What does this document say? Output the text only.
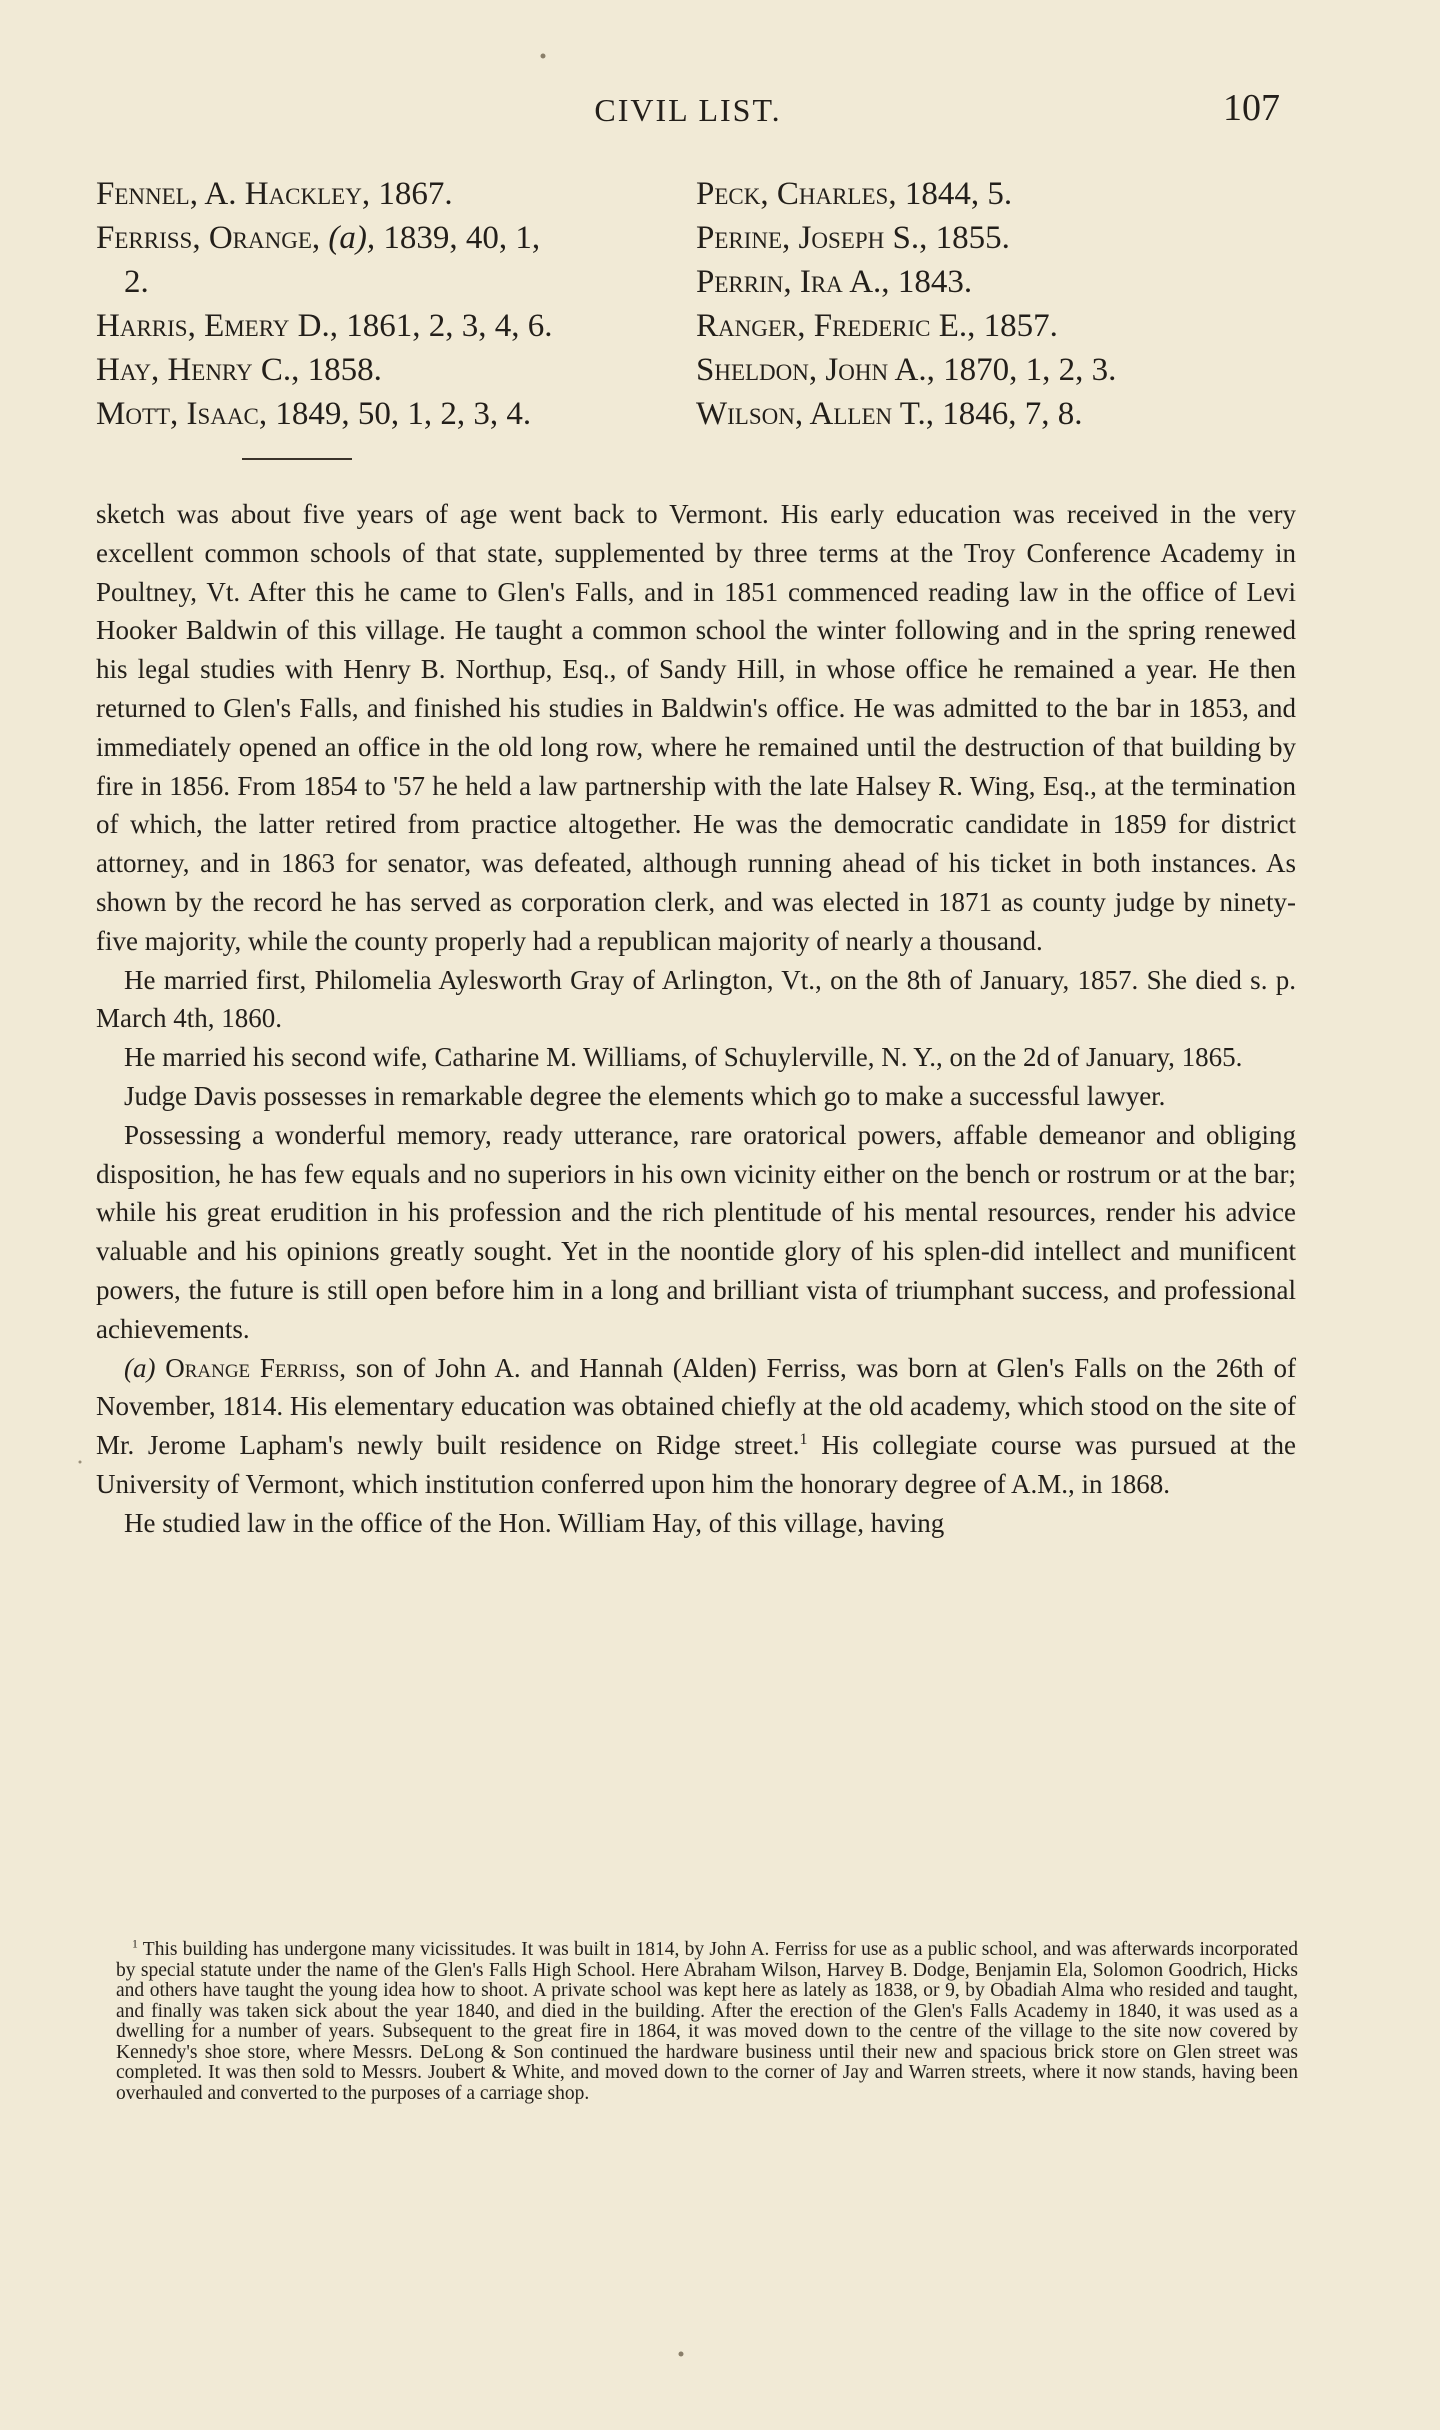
CIVIL LIST.	107
Fennel, A. Hackley, 1867.
Ferriss, Orange, (a), 1839, 40, 1,
2.
Harris, Emery D., 1861, 2, 3, 4, 6.
Hay, Henry C., 1858.
Mott, Isaac, 1849, 50, 1, 2, 3, 4.
Peck, Charles, 1844, 5.
Perine, Joseph S., 1855.
Perrin, Ira A., 1843.
Ranger, Frederic E., 1857.
Sheldon, John A., 1870, 1, 2, 3.
Wilson, Allen T., 1846, 7, 8.

sketch was about five years of age went back to Vermont. His early education was received in the very excellent common schools of that state, supplemented by three terms at the Troy Conference Academy in Poultney, Vt. After this he came to Glen's Falls, and in 1851 commenced reading law in the office of Levi Hooker Baldwin of this village. He taught a common school the winter following and in the spring renewed his legal studies with Henry B. Northup, Esq., of Sandy Hill, in whose office he remained a year. He then returned to Glen's Falls, and finished his studies in Baldwin's office. He was admitted to the bar in 1853, and immediately opened an office in the old long row, where he remained until the destruction of that building by fire in 1856. From 1854 to '57 he held a law partnership with the late Halsey R. Wing, Esq., at the termination of which, the latter retired from practice altogether. He was the democratic candidate in 1859 for district attorney, and in 1863 for senator, was defeated, although running ahead of his ticket in both instances. As shown by the record he has served as corporation clerk, and was elected in 1871 as county judge by ninety-five majority, while the county properly had a republican majority of nearly a thousand.

He married first, Philomelia Aylesworth Gray of Arlington, Vt., on the 8th of January, 1857. She died s. p. March 4th, 1860.

He married his second wife, Catharine M. Williams, of Schuylerville, N. Y., on the 2d of January, 1865.

Judge Davis possesses in remarkable degree the elements which go to make a successful lawyer.

Possessing a wonderful memory, ready utterance, rare oratorical powers, affable demeanor and obliging disposition, he has few equals and no superiors in his own vicinity either on the bench or rostrum or at the bar; while his great erudition in his profession and the rich plentitude of his mental resources, render his advice valuable and his opinions greatly sought. Yet in the noontide glory of his splen-did intellect and munificent powers, the future is still open before him in a long and brilliant vista of triumphant success, and professional achievements.

(a) Orange Ferriss, son of John A. and Hannah (Alden) Ferriss, was born at Glen's Falls on the 26th of November, 1814. His elementary education was obtained chiefly at the old academy, which stood on the site of Mr. Jerome Lapham's newly built residence on Ridge street.$^1$ His collegiate course was pursued at the University of Vermont, which institution conferred upon him the honorary degree of A.M., in 1868.

He studied law in the office of the Hon. William Hay, of this village, having

$^1$ This building has undergone many vicissitudes. It was built in 1814, by John A. Ferriss for use as a public school, and was afterwards incorporated by special statute under the name of the Glen's Falls High School. Here Abraham Wilson, Harvey B. Dodge, Benjamin Ela, Solomon Goodrich, Hicks and others have taught the young idea how to shoot. A private school was kept here as lately as 1838, or 9, by Obadiah Alma who resided and taught, and finally was taken sick about the year 1840, and died in the building. After the erection of the Glen's Falls Academy in 1840, it was used as a dwelling for a number of years. Subsequent to the great fire in 1864, it was moved down to the centre of the village to the site now covered by Kennedy's shoe store, where Messrs. DeLong & Son continued the hardware business until their new and spacious brick store on Glen street was completed. It was then sold to Messrs. Joubert & White, and moved down to the corner of Jay and Warren streets, where it now stands, having been overhauled and converted to the purposes of a carriage shop.
